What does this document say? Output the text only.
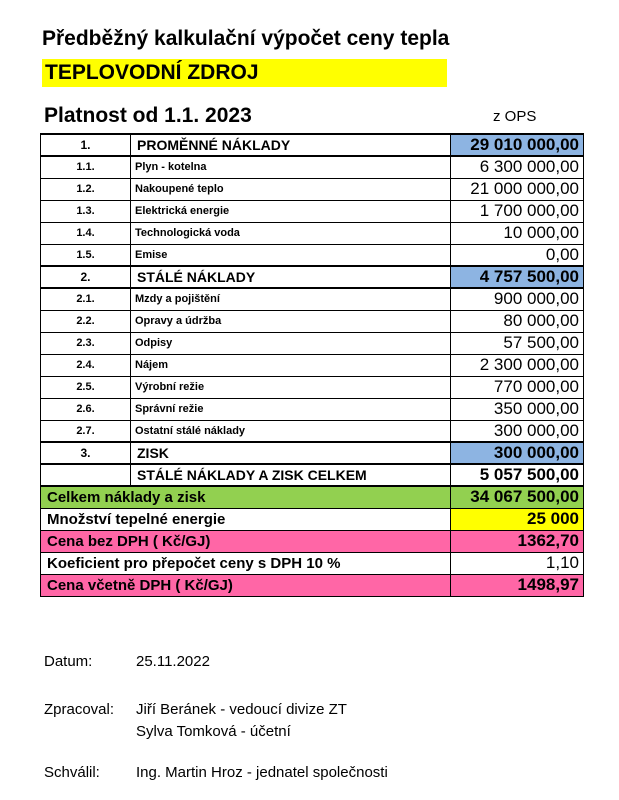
Předběžný kalkulační výpočet ceny tepla
TEPLOVODNÍ ZDROJ
Platnost od 1.1. 2023	z OPS
1.	PROMĚNNÉ NÁKLADY	29 010 000,00
1.1.	Plyn - kotelna	6 300 000,00
1.2.	Nakoupené teplo	21 000 000,00
1.3.	Elektrická energie	1 700 000,00
1.4.	Technologická voda	10 000,00
1.5.	Emise	0,00
2.	STÁLÉ NÁKLADY	4 757 500,00
2.1.	Mzdy a pojištění	900 000,00
2.2.	Opravy a údržba	80 000,00
2.3.	Odpisy	57 500,00
2.4.	Nájem	2 300 000,00
2.5.	Výrobní režie	770 000,00
2.6.	Správní režie	350 000,00
2.7.	Ostatní stálé náklady	300 000,00
3.	ZISK	300 000,00
	STÁLÉ NÁKLADY A ZISK CELKEM	5 057 500,00
Celkem náklady a zisk		34 067 500,00
Množství tepelné energie		25 000
Cena bez DPH ( Kč/GJ)		1362,70
Koeficient pro přepočet ceny s DPH 10 %		1,10
Cena včetně DPH ( Kč/GJ)		1498,97
Datum:	25.11.2022
Zpracoval: Jiří Beránek - vedoucí divize ZT
Sylva Tomková - účetní
Schválil: Ing. Martin Hroz - jednatel společnosti
